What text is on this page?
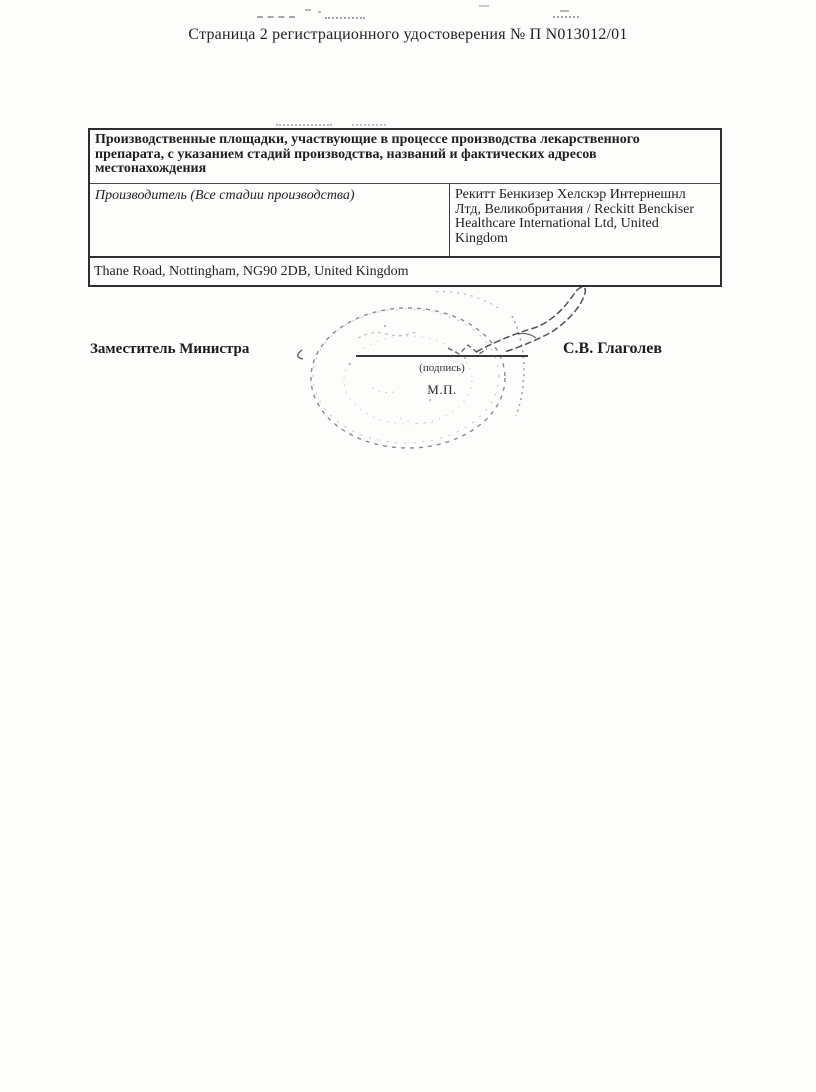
Страница 2 регистрационного удостоверения № П N013012/01
Производственные площадки, участвующие в процессе производства лекарственного препарата, с указанием стадий производства, названий и фактических адресов местонахождения
Производитель (Все стадии производства)	Рекитт Бенкизер Хелскэр Интернешнл Лтд, Великобритания / Reckitt Benckiser Healthcare International Ltd, United Kingdom
Thane Road, Nottingham, NG90 2DB, United Kingdom
Заместитель Министра
(подпись)
М.П.
С.В. Глаголев
